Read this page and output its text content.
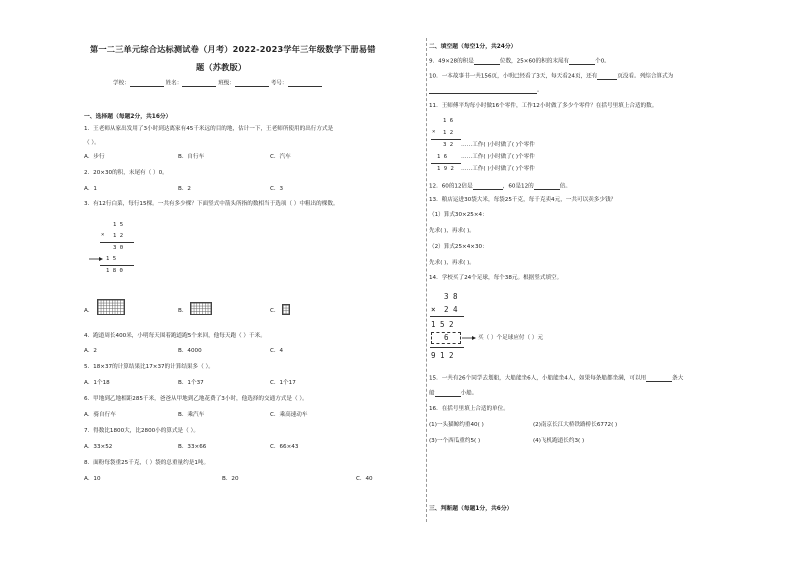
第一二三单元综合达标测试卷（月考）2022-2023学年三年级数学下册易错
题（苏教版）
学校：	姓名：	班级：	考号：
一、选择题（每题2分，共16分）
1．王老师从家出发用了3小时到达离家有45千米远的目的地，估计一下，王老师所使用的出行方式是
（ ）。
A．步行	B．自行车	C．汽车
2．20×30的积，末尾有（ ）0。
A．1	B．2	C．3
3．有12行白菜，每行15棵。一共有多少棵？下面竖式中箭头所指的数相当于选项（ ）中粗出的棵数。
1 5
× 1 2
3 0
1 5
1 8 0
A．	B．	C．
4．跑道周长400米，小明每天围着跑道跑5个来回，他每天跑（ ）千米。
A．2	B．4000	C．4
5．18×37的计算结果比17×37的计算结果多（ ）。
A．1个18	B．1个37	C．1个17
6．甲地到乙地相距285千米，爸爸从甲地到乙地花费了3小时，他选择的交通方式是（ ）。
A．骑自行车	B．乘汽车	C．乘高速动车
7．得数比1800大，比2800小的算式是（ ）。
A．33×52	B．33×66	C．66×43
8．面粉每袋重25千克，（ ）袋的总重量约是1吨。
A．10	B．20	C．40
二、填空题（每空1分，共24分）
9．49×28的积是	位数，25×60的积的末尾有	个0。
10．一本故事书一共156页，小明已经看了3天，每天看24页，还有	页没看。列综合算式为
。
11．王师傅平均每小时做16个零件，工作12小时做了多少个零件？在括号里填上合适的数。
1 6
× 1 2
3 2 ……工作( )小时做了( )个零件
1 6 ……工作( )小时做了( )个零件
1 9 2 ……工作( )小时做了( )个零件
12．60的12倍是	，60是12的	倍。
13．粮店运进30袋大米，每袋25千克，每千克卖4元，一共可以卖多少钱？
（1）算式30×25×4：
先求( )，再求( )。
（2）算式25×4×30：
先求( )，再求( )。
14．学校买了24个足球，每个38元。根据竖式填空。
3 8
× 2 4
1 5 2
6	买（ ）个足球应付（ ）元
9 1 2
15．一共有26个同学去划船，大船能坐6人，小船能坐4人，如果每条船都坐满，可以用	条大
船	小船。
16．在括号里填上合适的单位。
(1)一头猫鲸约重40( )	(2)南京长江大桥铁路桥长6772( )
(3)一个西瓜重约5( )	(4)飞机跑道长约3( )
三、判断题（每题1分，共6分）
